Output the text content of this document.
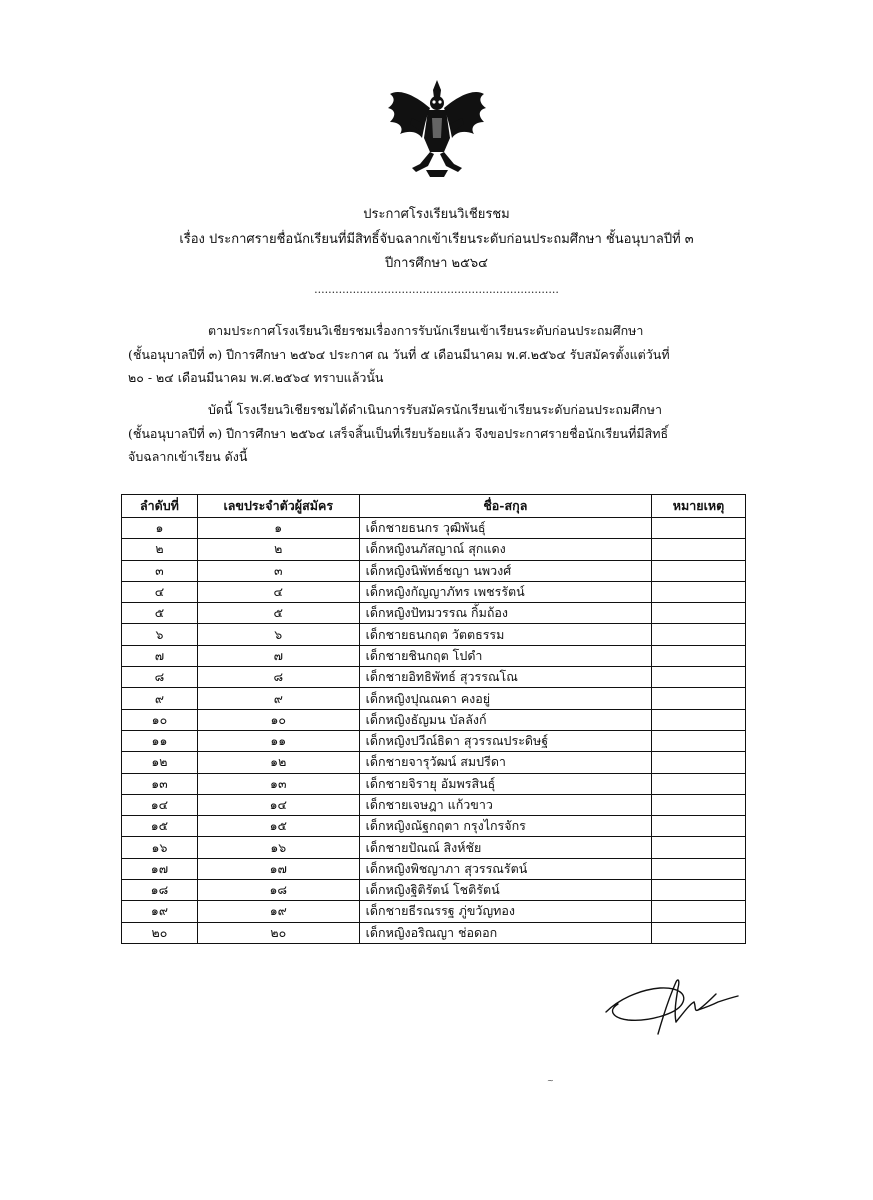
ประกาศโรงเรียนวิเชียรชม
เรื่อง ประกาศรายชื่อนักเรียนที่มีสิทธิ์จับฉลากเข้าเรียนระดับก่อนประถมศึกษา ชั้นอนุบาลปีที่ ๓
ปีการศึกษา ๒๕๖๔
......................................................................
ตามประกาศโรงเรียนวิเชียรชมเรื่องการรับนักเรียนเข้าเรียนระดับก่อนประถมศึกษา
(ชั้นอนุบาลปีที่ ๓) ปีการศึกษา ๒๕๖๔ ประกาศ ณ วันที่ ๕ เดือนมีนาคม พ.ศ.๒๕๖๔ รับสมัครตั้งแต่วันที่
๒๐ - ๒๔ เดือนมีนาคม พ.ศ.๒๕๖๔ ทราบแล้วนั้น
บัดนี้ โรงเรียนวิเชียรชมได้ดำเนินการรับสมัครนักเรียนเข้าเรียนระดับก่อนประถมศึกษา
(ชั้นอนุบาลปีที่ ๓) ปีการศึกษา ๒๕๖๔ เสร็จสิ้นเป็นที่เรียบร้อยแล้ว จึงขอประกาศรายชื่อนักเรียนที่มีสิทธิ์
จับฉลากเข้าเรียน ดังนี้
ลำดับที่	เลขประจำตัวผู้สมัคร	ชื่อ-สกุล	หมายเหตุ
๑	๑	เด็กชายธนกร วุฒิพันธุ์	
๒	๒	เด็กหญิงนภัสญาณ์ สุกแดง	
๓	๓	เด็กหญิงนิพัทธ์ชญา นพวงศ์	
๔	๔	เด็กหญิงกัญญาภัทร เพชรรัตน์	
๕	๕	เด็กหญิงปัทมวรรณ กิ้มถ้อง	
๖	๖	เด็กชายธนกฤต วัตตธรรม	
๗	๗	เด็กชายชินกฤต โปดำ	
๘	๘	เด็กชายอิทธิพัทธ์ สุวรรณโณ	
๙	๙	เด็กหญิงปุณณดา คงอยู่	
๑๐	๑๐	เด็กหญิงธัญมน บัลลังก์	
๑๑	๑๑	เด็กหญิงปวีณ์ธิดา สุวรรณประดิษฐ์	
๑๒	๑๒	เด็กชายจารุวัฒน์ สมปรีดา	
๑๓	๑๓	เด็กชายจิรายุ อัมพรสินธุ์	
๑๔	๑๔	เด็กชายเจษฎา แก้วขาว	
๑๕	๑๕	เด็กหญิงณัฐกฤตา กรุงไกรจักร	
๑๖	๑๖	เด็กชายปัณณ์ สิงห์ชัย	
๑๗	๑๗	เด็กหญิงพิชญาภา สุวรรณรัตน์	
๑๘	๑๘	เด็กหญิงฐิติรัตน์ โชติรัตน์	
๑๙	๑๙	เด็กชายธีรณรรฐ ภู่ขวัญทอง	
๒๐	๒๐	เด็กหญิงอริณญา ช่อดอก	
~
